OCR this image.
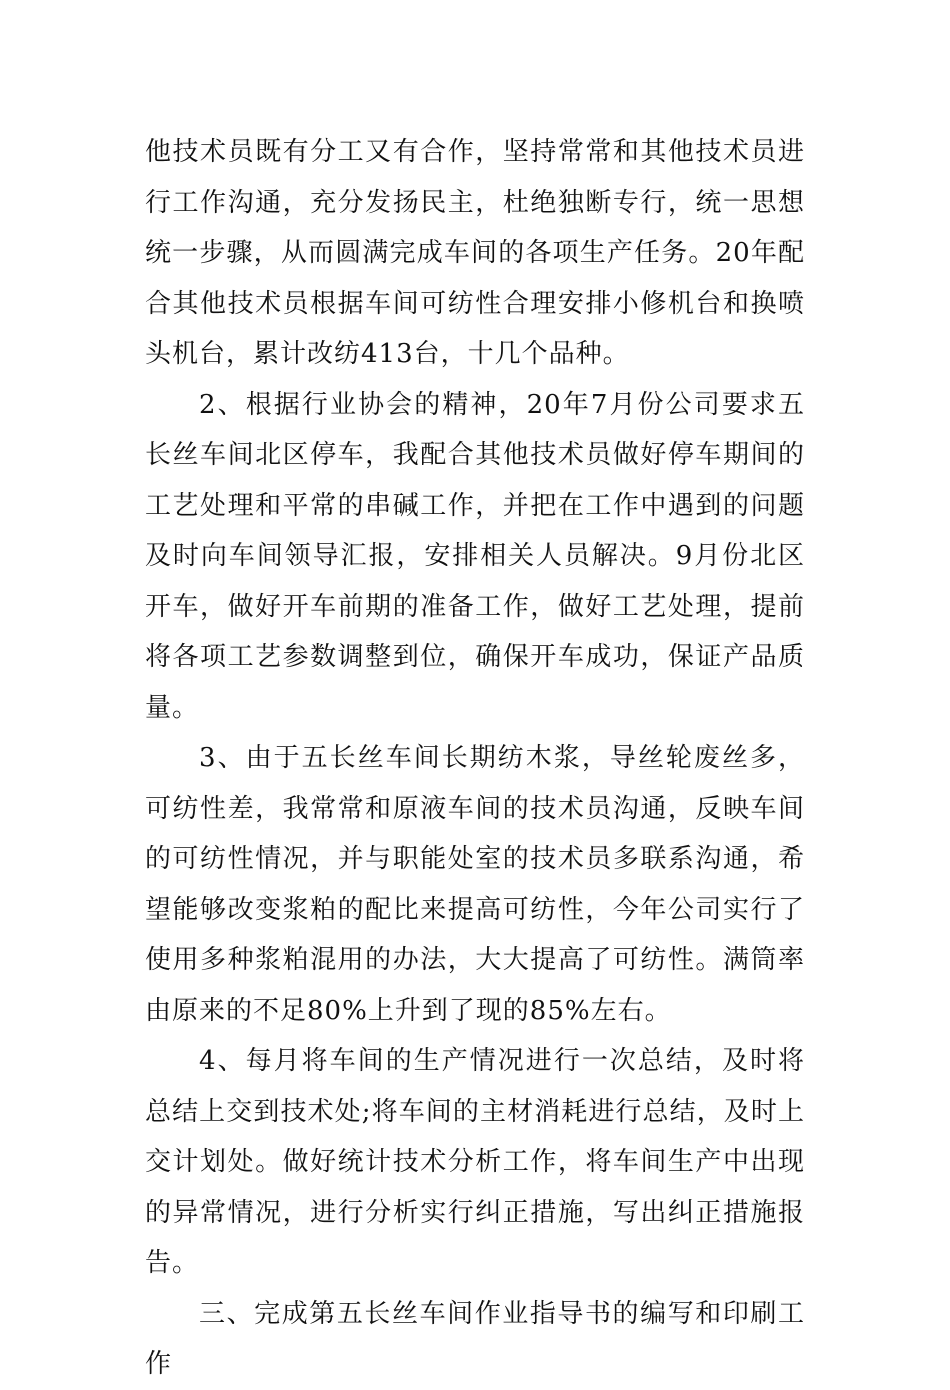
他技术员既有分工又有合作，坚持常常和其他技术员进行工作沟通，充分发扬民主，杜绝独断专行，统一思想统一步骤，从而圆满完成车间的各项生产任务。20年配合其他技术员根据车间可纺性合理安排小修机台和换喷头机台，累计改纺413台，十几个品种。

2、根据行业协会的精神，20年7月份公司要求五长丝车间北区停车，我配合其他技术员做好停车期间的工艺处理和平常的串碱工作，并把在工作中遇到的问题及时向车间领导汇报，安排相关人员解决。9月份北区开车，做好开车前期的准备工作，做好工艺处理，提前将各项工艺参数调整到位，确保开车成功，保证产品质量。

3、由于五长丝车间长期纺木浆，导丝轮废丝多，可纺性差，我常常和原液车间的技术员沟通，反映车间的可纺性情况，并与职能处室的技术员多联系沟通，希望能够改变浆粕的配比来提高可纺性，今年公司实行了使用多种浆粕混用的办法，大大提高了可纺性。满筒率由原来的不足80%上升到了现的85%左右。

4、每月将车间的生产情况进行一次总结，及时将总结上交到技术处;将车间的主材消耗进行总结，及时上交计划处。做好统计技术分析工作，将车间生产中出现的异常情况，进行分析实行纠正措施，写出纠正措施报告。

三、完成第五长丝车间作业指导书的编写和印刷工作
